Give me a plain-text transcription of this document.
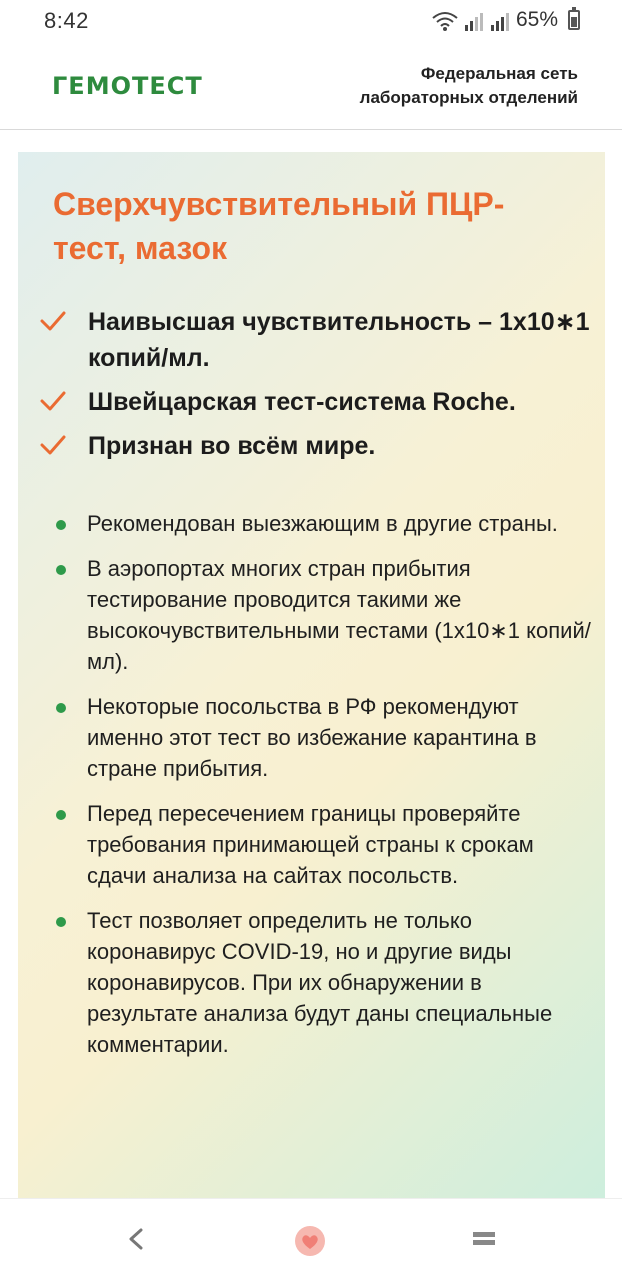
8:42	65%
ГЕМОТЕСТ	Федеральная сеть
лабораторных отделений
Сверхчувствительный ПЦР-тест, мазок
Наивысшая чувствительность – 1х10∗1 копий/мл.
Швейцарская тест-система Roche.
Признан во всём мире.
Рекомендован выезжающим в другие страны.
В аэропортах многих стран прибытия тестирование проводится такими же высокочувствительными тестами (1х10∗1 копий/мл).
Некоторые посольства в РФ рекомендуют именно этот тест во избежание карантина в стране прибытия.
Перед пересечением границы проверяйте требования принимающей страны к срокам сдачи анализа на сайтах посольств.
Тест позволяет определить не только коронавирус COVID-19, но и другие виды коронавирусов. При их обнаружении в результате анализа будут даны специальные комментарии.
